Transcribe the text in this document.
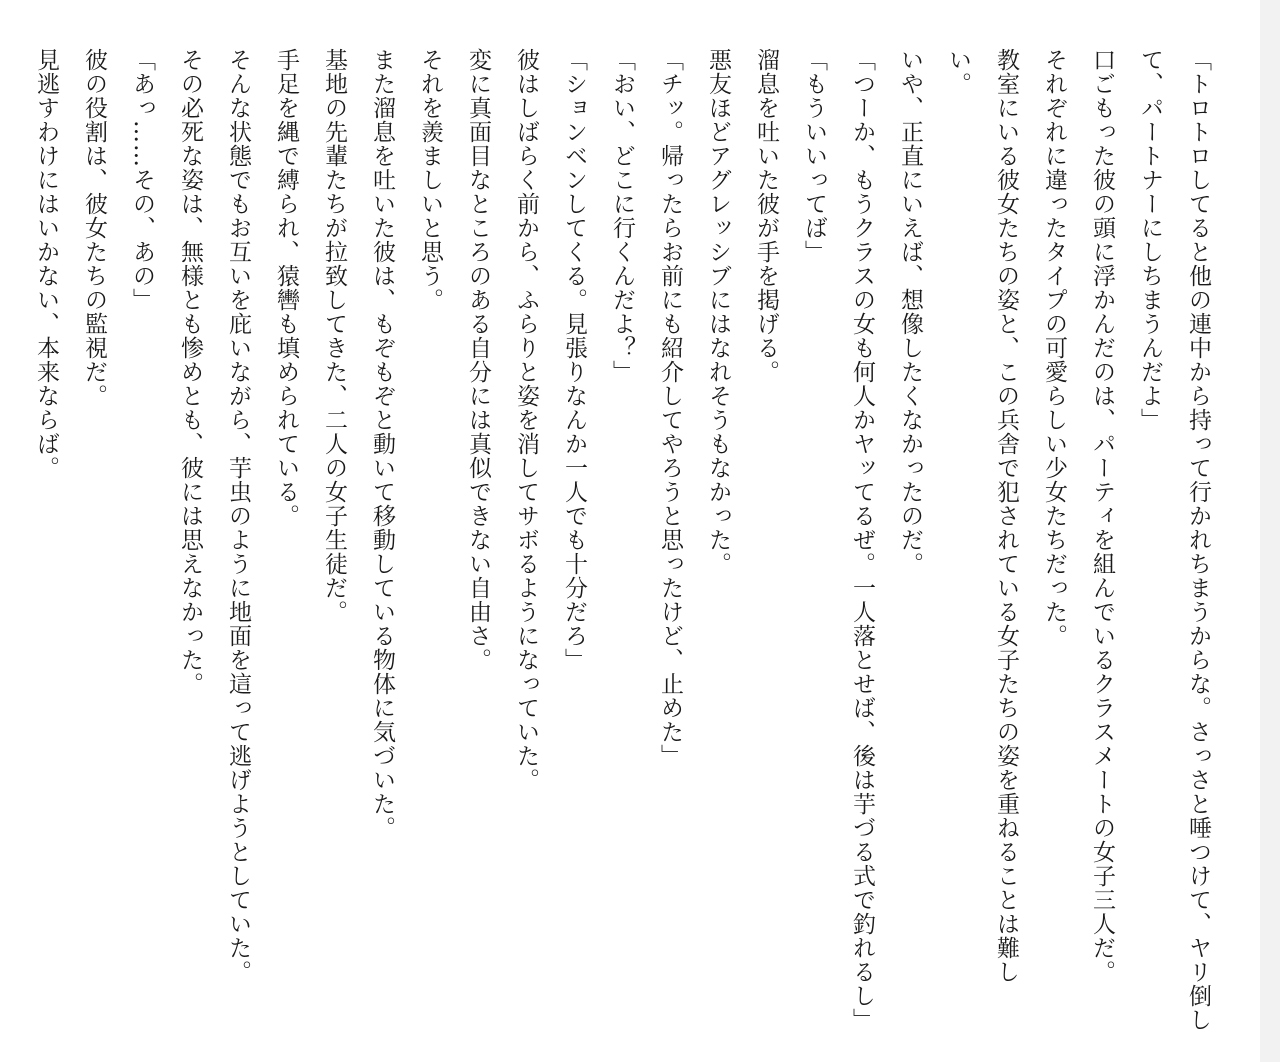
「トロトロしてると他の連中から持って行かれちまうからな。さっさと唾つけて、ヤリ倒し
て、パートナーにしちまうんだよ」
口ごもった彼の頭に浮かんだのは、パーティを組んでいるクラスメートの女子三人だ。
それぞれに違ったタイプの可愛らしい少女たちだった。
教室にいる彼女たちの姿と、この兵舎で犯されている女子たちの姿を重ねることは難し
い。
いや、正直にいえば、想像したくなかったのだ。
「つーか、もうクラスの女も何人かヤッてるぜ。一人落とせば、後は芋づる式で釣れるし」
「もういいってば」
溜息を吐いた彼が手を掲げる。
悪友ほどアグレッシブにはなれそうもなかった。
「チッ。帰ったらお前にも紹介してやろうと思ったけど、止めた」
「おい、どこに行くんだよ？」
「ションベンしてくる。見張りなんか一人でも十分だろ」
彼はしばらく前から、ふらりと姿を消してサボるようになっていた。
変に真面目なところのある自分には真似できない自由さ。
それを羨ましいと思う。
また溜息を吐いた彼は、もぞもぞと動いて移動している物体に気づいた。
基地の先輩たちが拉致してきた、二人の女子生徒だ。
手足を縄で縛られ、猿轡も填められている。
そんな状態でもお互いを庇いながら、芋虫のように地面を這って逃げようとしていた。
その必死な姿は、無様とも惨めとも、彼には思えなかった。
「あっ……その、あの」
彼の役割は、彼女たちの監視だ。
見逃すわけにはいかない、本来ならば。
